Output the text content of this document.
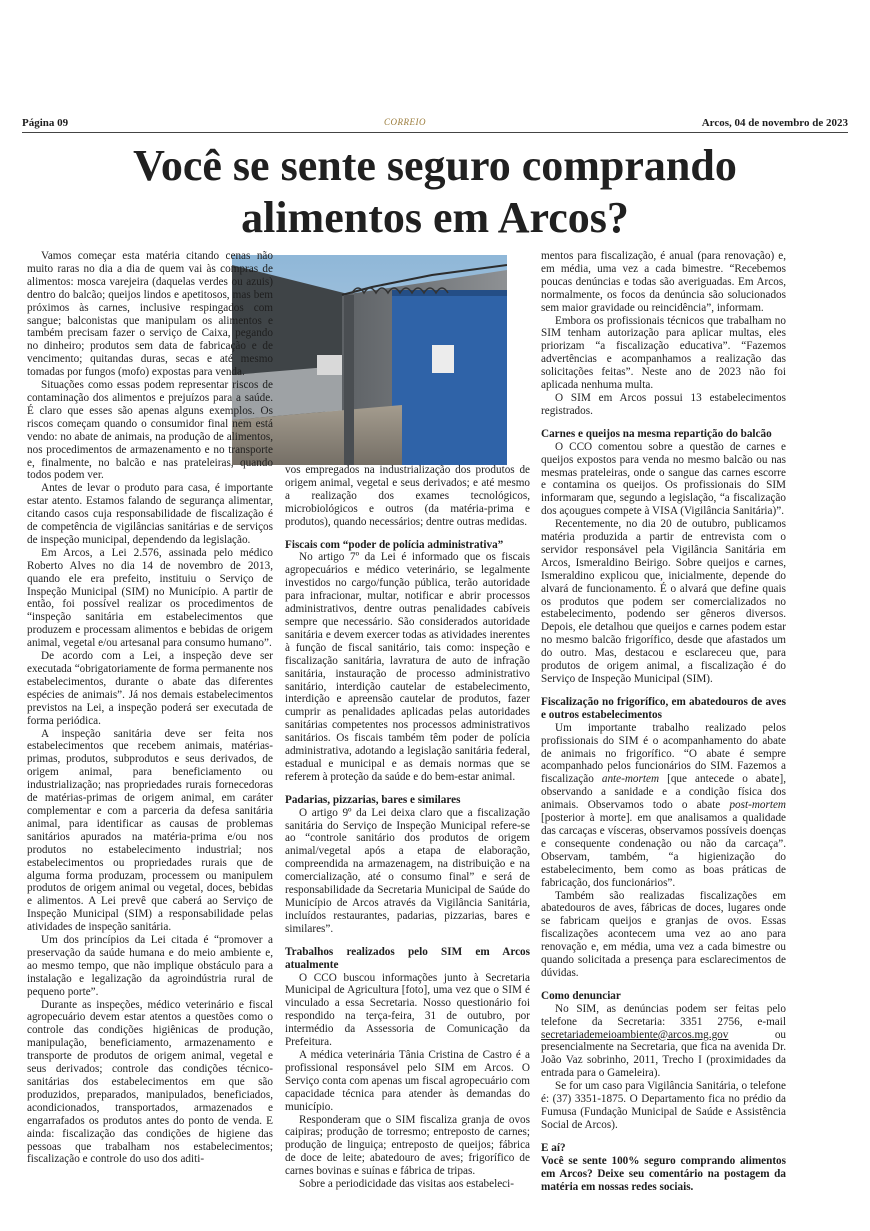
Página 09	CORREIO	Arcos, 04 de novembro de 2023
Você se sente seguro comprando
alimentos em Arcos?

Vamos começar esta matéria citando cenas não muito raras no dia a dia de quem vai às compras de alimentos: mosca varejeira (daquelas verdes ou azuis) dentro do balcão; queijos lindos e apetitosos, mas bem próximos às carnes, inclusive respingados com sangue; balconistas que manipulam os alimentos e também precisam fazer o serviço de Caixa, pegando no dinheiro; produtos sem data de fabricação e de vencimento; quitandas duras, secas e até mesmo tomadas por fungos (mofo) expostas para venda.

Situações como essas podem representar riscos de contaminação dos alimentos e prejuízos para a saúde. É claro que esses são apenas alguns exemplos. Os riscos começam quando o consumidor final nem está vendo: no abate de animais, na produção de alimentos, nos procedimentos de armazenamento e no transporte e, finalmente, no balcão e nas prateleiras, quando todos podem ver.

Antes de levar o produto para casa, é importante estar atento. Estamos falando de segurança alimentar, citando casos cuja responsabilidade de fiscalização é de competência de vigilâncias sanitárias e de serviços de inspeção municipal, dependendo da legislação.

Em Arcos, a Lei 2.576, assinada pelo médico Roberto Alves no dia 14 de novembro de 2013, quando ele era prefeito, instituiu o Serviço de Inspeção Municipal (SIM) no Município. A partir de então, foi possível realizar os procedimentos de “inspeção sanitária em estabelecimentos que produzem e processam alimentos e bebidas de origem animal, vegetal e/ou artesanal para consumo humano”.

De acordo com a Lei, a inspeção deve ser executada “obrigatoriamente de forma permanente nos estabelecimentos, durante o abate das diferentes espécies de animais”. Já nos demais estabelecimentos previstos na Lei, a inspeção poderá ser executada de forma periódica.

A inspeção sanitária deve ser feita nos estabelecimentos que recebem animais, matérias-primas, produtos, subprodutos e seus derivados, de origem animal, para beneficiamento ou industrialização; nas propriedades rurais fornecedoras de matérias-primas de origem animal, em caráter complementar e com a parceria da defesa sanitária animal, para identificar as causas de problemas sanitários apurados na matéria-prima e/ou nos produtos no estabelecimento industrial; nos estabelecimentos ou propriedades rurais que de alguma forma produzam, processem ou manipulem produtos de origem animal ou vegetal, doces, bebidas e alimentos. A Lei prevê que caberá ao Serviço de Inspeção Municipal (SIM) a responsabilidade pelas atividades de inspeção sanitária.

Um dos princípios da Lei citada é “promover a preservação da saúde humana e do meio ambiente e, ao mesmo tempo, que não implique obstáculo para a instalação e legalização da agroindústria rural de pequeno porte”.

Durante as inspeções, médico veterinário e fiscal agropecuário devem estar atentos a questões como o controle das condições higiênicas de produção, manipulação, beneficiamento, armazenamento e transporte de produtos de origem animal, vegetal e seus derivados; controle das condições técnico-sanitárias dos estabelecimentos em que são produzidos, preparados, manipulados, beneficiados, acondicionados, transportados, armazenados e engarrafados os produtos antes do ponto de venda. E ainda: fiscalização das condições de higiene das pessoas que trabalham nos estabelecimentos; fiscalização e controle do uso dos aditi-

vos empregados na industrialização dos produtos de origem animal, vegetal e seus derivados; e até mesmo a realização dos exames tecnológicos, microbiológicos e outros (da matéria-prima e produtos), quando necessários; dentre outras medidas.

Fiscais com “poder de polícia administrativa”

No artigo 7º da Lei é informado que os fiscais agropecuários e médico veterinário, se legalmente investidos no cargo/função pública, terão autoridade para infracionar, multar, notificar e abrir processos administrativos, dentre outras penalidades cabíveis sempre que necessário. São considerados autoridade sanitária e devem exercer todas as atividades inerentes à função de fiscal sanitário, tais como: inspeção e fiscalização sanitária, lavratura de auto de infração sanitária, instauração de processo administrativo sanitário, interdição cautelar de estabelecimento, interdição e apreensão cautelar de produtos, fazer cumprir as penalidades aplicadas pelas autoridades sanitárias competentes nos processos administrativos sanitários. Os fiscais também têm poder de polícia administrativa, adotando a legislação sanitária federal, estadual e municipal e as demais normas que se referem à proteção da saúde e do bem-estar animal.

Padarias, pizzarias, bares e similares

O artigo 9º da Lei deixa claro que a fiscalização sanitária do Serviço de Inspeção Municipal refere-se ao “controle sanitário dos produtos de origem animal/vegetal após a etapa de elaboração, compreendida na armazenagem, na distribuição e na comercialização, até o consumo final” e será de responsabilidade da Secretaria Municipal de Saúde do Município de Arcos através da Vigilância Sanitária, incluídos restaurantes, padarias, pizzarias, bares e similares”.

Trabalhos realizados pelo SIM em Arcos atualmente

O CCO buscou informações junto à Secretaria Municipal de Agricultura [foto], uma vez que o SIM é vinculado a essa Secretaria. Nosso questionário foi respondido na terça-feira, 31 de outubro, por intermédio da Assessoria de Comunicação da Prefeitura.

A médica veterinária Tânia Cristina de Castro é a profissional responsável pelo SIM em Arcos. O Serviço conta com apenas um fiscal agropecuário com capacidade técnica para atender às demandas do município.

Responderam que o SIM fiscaliza granja de ovos caipiras; produção de torresmo; entreposto de carnes; produção de linguiça; entreposto de queijos; fábrica de doce de leite; abatedouro de aves; frigorífico de carnes bovinas e suínas e fábrica de tripas.

Sobre a periodicidade das visitas aos estabeleci-

mentos para fiscalização, é anual (para renovação) e, em média, uma vez a cada bimestre. “Recebemos poucas denúncias e todas são averiguadas. Em Arcos, normalmente, os focos da denúncia são solucionados sem maior gravidade ou reincidência”, informam.

Embora os profissionais técnicos que trabalham no SIM tenham autorização para aplicar multas, eles priorizam “a fiscalização educativa”. “Fazemos advertências e acompanhamos a realização das solicitações feitas”. Neste ano de 2023 não foi aplicada nenhuma multa.

O SIM em Arcos possui 13 estabelecimentos registrados.

Carnes e queijos na mesma repartição do balcão

O CCO comentou sobre a questão de carnes e queijos expostos para venda no mesmo balcão ou nas mesmas prateleiras, onde o sangue das carnes escorre e contamina os queijos. Os profissionais do SIM informaram que, segundo a legislação, “a fiscalização dos açougues compete à VISA (Vigilância Sanitária)”.

Recentemente, no dia 20 de outubro, publicamos matéria produzida a partir de entrevista com o servidor responsável pela Vigilância Sanitária em Arcos, Ismeraldino Beirigo. Sobre queijos e carnes, Ismeraldino explicou que, inicialmente, depende do alvará de funcionamento. É o alvará que define quais os produtos que podem ser comercializados no estabelecimento, podendo ser gêneros diversos. Depois, ele detalhou que queijos e carnes podem estar no mesmo balcão frigorífico, desde que afastados um do outro. Mas, destacou e esclareceu que, para produtos de origem animal, a fiscalização é do Serviço de Inspeção Municipal (SIM).

Fiscalização no frigorífico, em abatedouros de aves e outros estabelecimentos

Um importante trabalho realizado pelos profissionais do SIM é o acompanhamento do abate de animais no frigorífico. “O abate é sempre acompanhado pelos funcionários do SIM. Fazemos a fiscalização ante-mortem [que antecede o abate], observando a sanidade e a condição física dos animais. Observamos todo o abate post-mortem [posterior à morte]. em que analisamos a qualidade das carcaças e vísceras, observamos possíveis doenças e consequente condenação ou não da carcaça”. Observam, também, “a higienização do estabelecimento, bem como as boas práticas de fabricação, dos funcionários”.

Também são realizadas fiscalizações em abatedouros de aves, fábricas de doces, lugares onde se fabricam queijos e granjas de ovos. Essas fiscalizações acontecem uma vez ao ano para renovação e, em média, uma vez a cada bimestre ou quando solicitada a presença para esclarecimentos de dúvidas.

Como denunciar

No SIM, as denúncias podem ser feitas pelo telefone da Secretaria: 3351 2756, e-mail secretariademeioambiente@arcos.mg.gov ou presencialmente na Secretaria, que fica na avenida Dr. João Vaz sobrinho, 2011, Trecho I (proximidades da entrada para o Gameleira).

Se for um caso para Vigilância Sanitária, o telefone é: (37) 3351-1875. O Departamento fica no prédio da Fumusa (Fundação Municipal de Saúde e Assistência Social de Arcos).

E aí?

Você se sente 100% seguro comprando alimentos em Arcos? Deixe seu comentário na postagem da matéria em nossas redes sociais.
